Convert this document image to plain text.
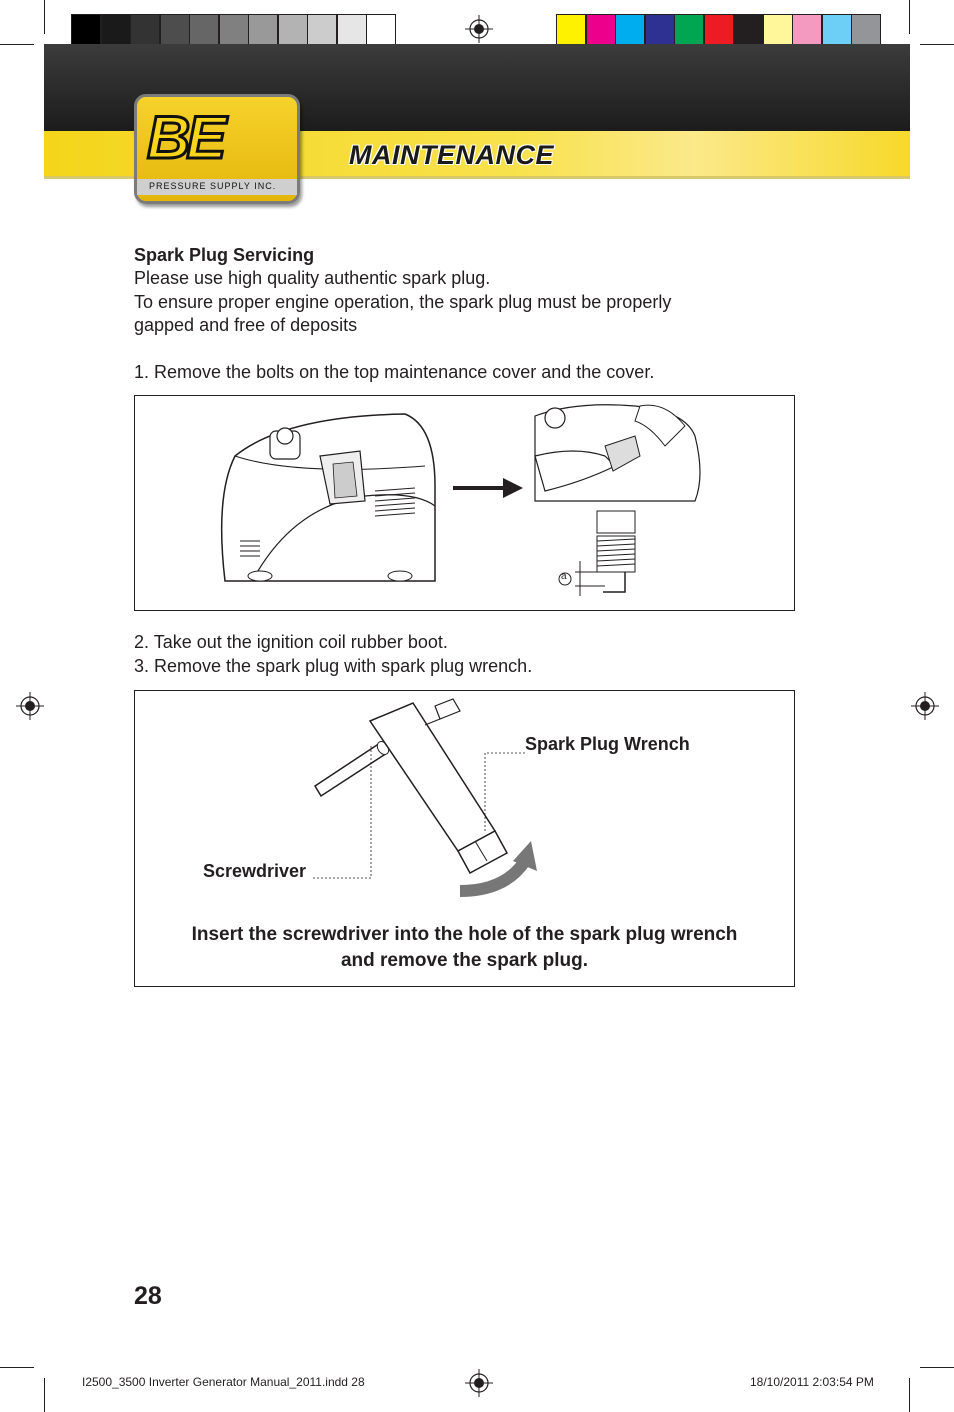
MAINTENANCE
BE
PRESSURE SUPPLY INC.
Spark Plug Servicing
Please use high quality authentic spark plug.
To ensure proper engine operation, the spark plug must be properly
gapped and free of deposits
1. Remove the bolts on the top maintenance cover and the cover.
a
2. Take out the ignition coil rubber boot.
3. Remove the spark plug with spark plug wrench.
Spark Plug Wrench
Screwdriver
Insert the screwdriver into the hole of the spark plug wrench
and remove the spark plug.
28
I2500_3500 Inverter Generator Manual_2011.indd 28	18/10/2011 2:03:54 PM
